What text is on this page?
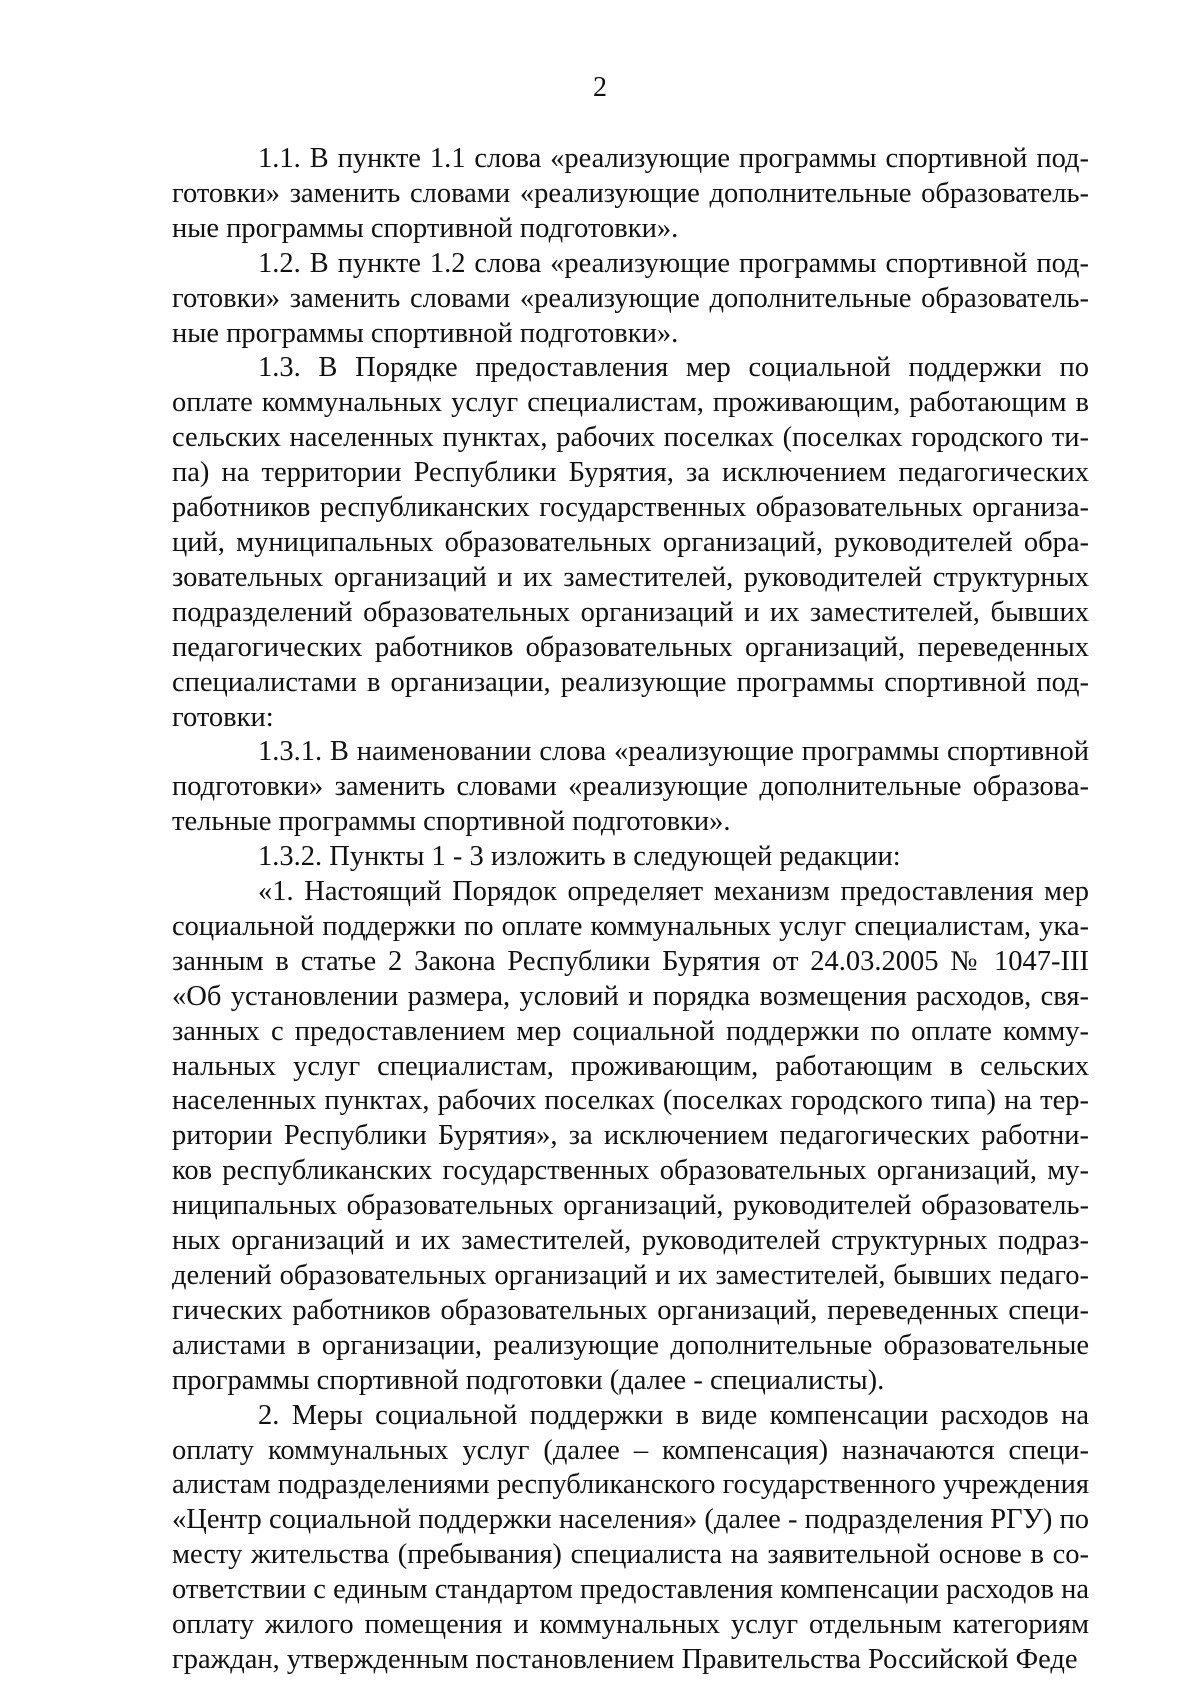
2

1.1. В пункте 1.1 слова «реализующие программы спортивной подготовки» заменить словами «реализующие дополнительные образовательные программы спортивной подготовки».

1.2. В пункте 1.2 слова «реализующие программы спортивной подготовки» заменить словами «реализующие дополнительные образовательные программы спортивной подготовки».

1.3. В Порядке предоставления мер социальной поддержки по оплате коммунальных услуг специалистам, проживающим, работающим в сельских населенных пунктах, рабочих поселках (поселках городского типа) на территории Республики Бурятия, за исключением педагогических работников республиканских государственных образовательных организаций, муниципальных образовательных организаций, руководителей образовательных организаций и их заместителей, руководителей структурных подразделений образовательных организаций и их заместителей, бывших педагогических работников образовательных организаций, переведенных специалистами в организации, реализующие программы спортивной подготовки:

1.3.1. В наименовании слова «реализующие программы спортивной подготовки» заменить словами «реализующие дополнительные образовательные программы спортивной подготовки».

1.3.2. Пункты 1 - 3 изложить в следующей редакции:

«1. Настоящий Порядок определяет механизм предоставления мер социальной поддержки по оплате коммунальных услуг специалистам, указанным в статье 2 Закона Республики Бурятия от 24.03.2005 № 1047-III «Об установлении размера, условий и порядка возмещения расходов, связанных с предоставлением мер социальной поддержки по оплате коммунальных услуг специалистам, проживающим, работающим в сельских населенных пунктах, рабочих поселках (поселках городского типа) на территории Республики Бурятия», за исключением педагогических работников республиканских государственных образовательных организаций, муниципальных образовательных организаций, руководителей образовательных организаций и их заместителей, руководителей структурных подразделений образовательных организаций и их заместителей, бывших педагогических работников образовательных организаций, переведенных специалистами в организации, реализующие дополнительные образовательные программы спортивной подготовки (далее - специалисты).

2. Меры социальной поддержки в виде компенсации расходов на оплату коммунальных услуг (далее – компенсация) назначаются специалистам подразделениями республиканского государственного учреждения «Центр социальной поддержки населения» (далее - подразделения РГУ) по месту жительства (пребывания) специалиста на заявительной основе в соответствии с единым стандартом предоставления компенсации расходов на оплату жилого помещения и коммунальных услуг отдельным категориям граждан, утвержденным постановлением Правительства Российской Феде
